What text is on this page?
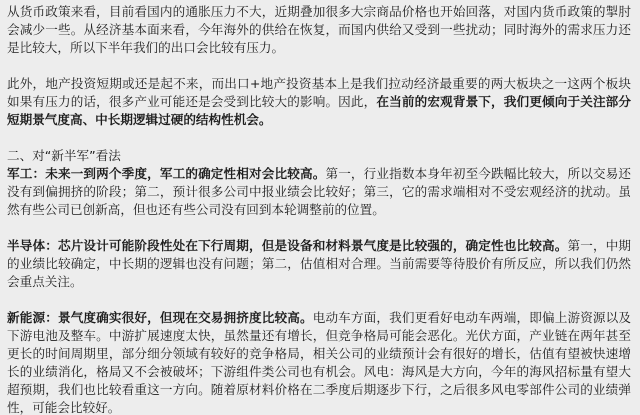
从货币政策来看，目前看国内的通胀压力不大，近期叠加很多大宗商品价格也开始回落，对国内货币政策的掣肘会减少一些。从经济基本面来看，今年海外的供给在恢复，而国内供给又受到一些扰动；同时海外的需求压力还是比较大，所以下半年我们的出口会比较有压力。

此外，地产投资短期或还是起不来，而出口+地产投资基本上是我们拉动经济最重要的两大板块之一这两个板块如果有压力的话，很多产业可能还是会受到比较大的影响。因此，在当前的宏观背景下，我们更倾向于关注部分短期景气度高、中长期逻辑过硬的结构性机会。

二、对“新半军”看法

军工：未来一到两个季度，军工的确定性相对会比较高。第一，行业指数本身年初至今跌幅比较大，所以交易还没有到偏拥挤的阶段；第二，预计很多公司中报业绩会比较好；第三，它的需求端相对不受宏观经济的扰动。虽然有些公司已创新高，但也还有些公司没有回到本轮调整前的位置。

半导体：芯片设计可能阶段性处在下行周期，但是设备和材料景气度是比较强的，确定性也比较高。第一，中期的业绩比较确定，中长期的逻辑也没有问题；第二，估值相对合理。当前需要等待股价有所反应，所以我们仍然会重点关注。

新能源：景气度确实很好，但现在交易拥挤度比较高。电动车方面，我们更看好电动车两端，即偏上游资源以及下游电池及整车。中游扩展速度太快，虽然量还有增长，但竞争格局可能会恶化。光伏方面，产业链在两年甚至更长的时间周期里，部分细分领域有较好的竞争格局，相关公司的业绩预计会有很好的增长，估值有望被快速增长的业绩消化，格局又不会被破坏；下游组件类公司也有机会。风电：海风是大方向，今年的海风招标量有望大超预期，我们也比较看重这一方向。随着原材料价格在二季度后期逐步下行，之后很多风电零部件公司的业绩弹性，可能会比较好。
